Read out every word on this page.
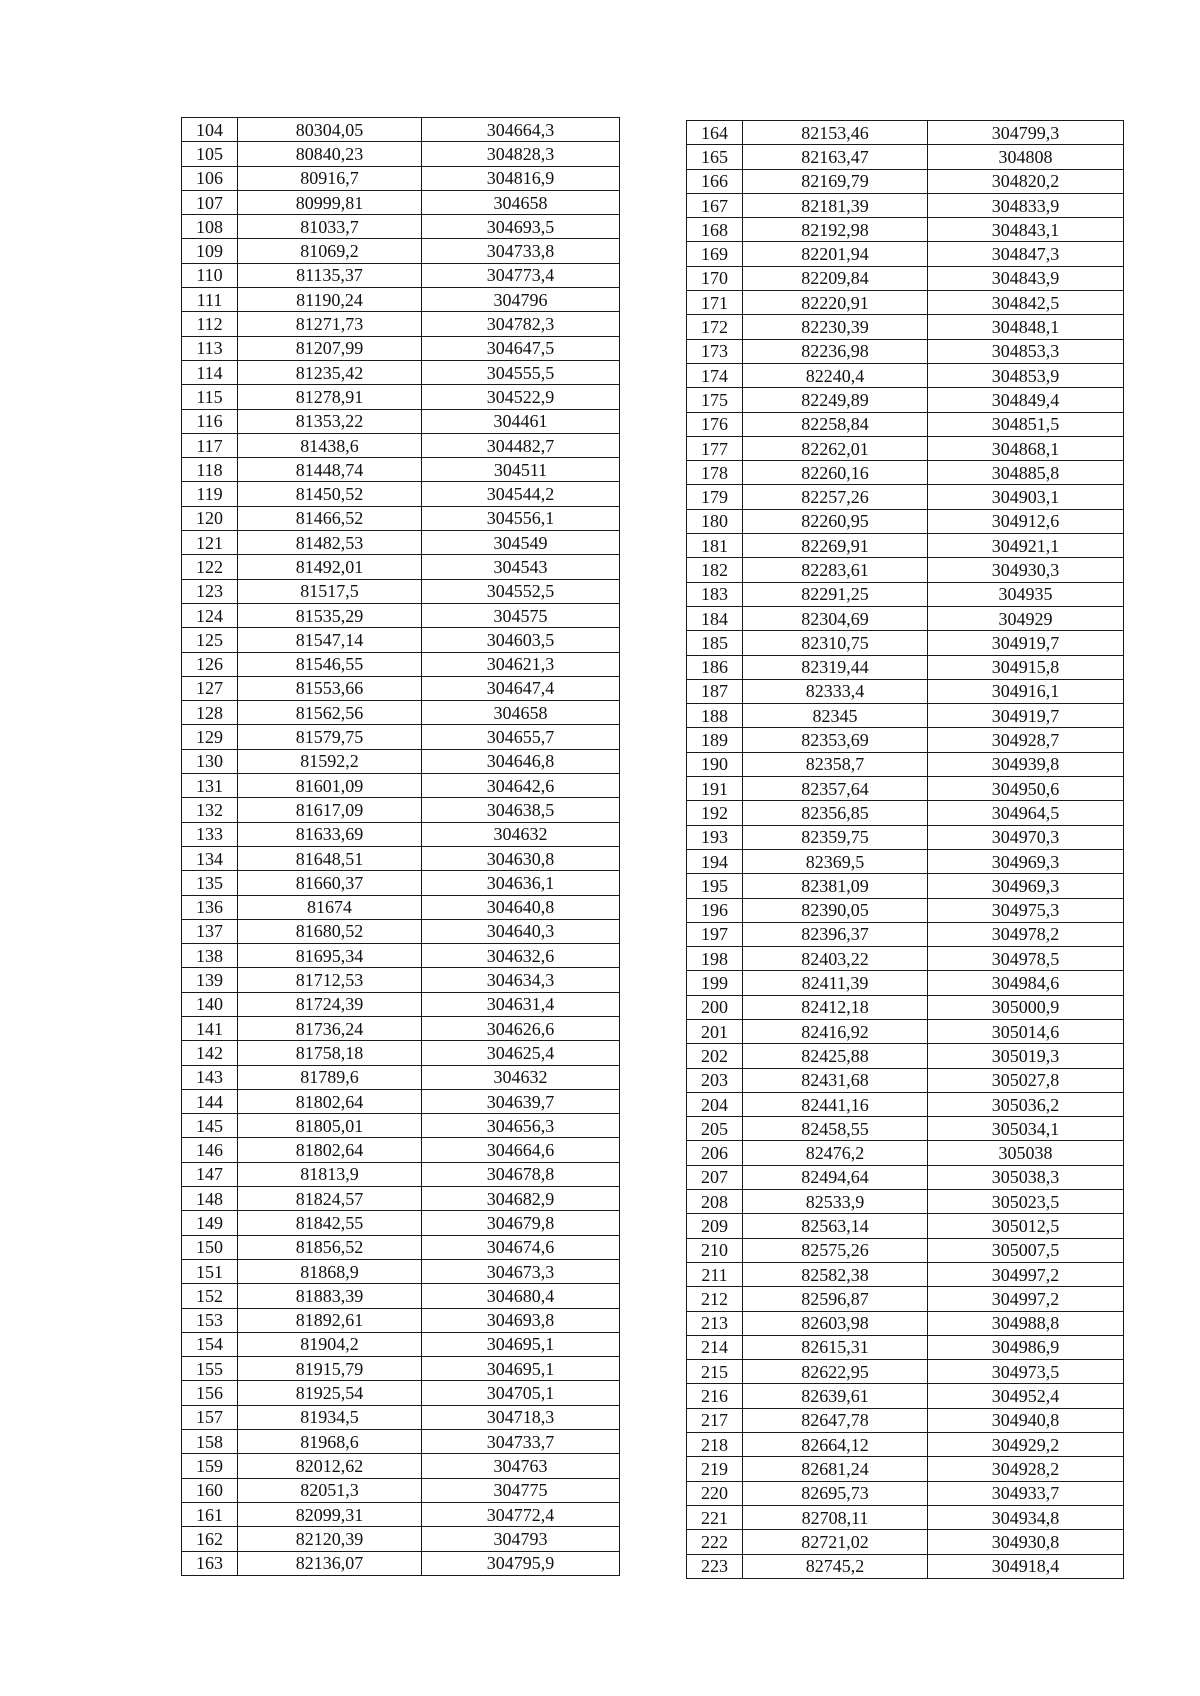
104	80304,05	304664,3
105	80840,23	304828,3
106	80916,7	304816,9
107	80999,81	304658
108	81033,7	304693,5
109	81069,2	304733,8
110	81135,37	304773,4
111	81190,24	304796
112	81271,73	304782,3
113	81207,99	304647,5
114	81235,42	304555,5
115	81278,91	304522,9
116	81353,22	304461
117	81438,6	304482,7
118	81448,74	304511
119	81450,52	304544,2
120	81466,52	304556,1
121	81482,53	304549
122	81492,01	304543
123	81517,5	304552,5
124	81535,29	304575
125	81547,14	304603,5
126	81546,55	304621,3
127	81553,66	304647,4
128	81562,56	304658
129	81579,75	304655,7
130	81592,2	304646,8
131	81601,09	304642,6
132	81617,09	304638,5
133	81633,69	304632
134	81648,51	304630,8
135	81660,37	304636,1
136	81674	304640,8
137	81680,52	304640,3
138	81695,34	304632,6
139	81712,53	304634,3
140	81724,39	304631,4
141	81736,24	304626,6
142	81758,18	304625,4
143	81789,6	304632
144	81802,64	304639,7
145	81805,01	304656,3
146	81802,64	304664,6
147	81813,9	304678,8
148	81824,57	304682,9
149	81842,55	304679,8
150	81856,52	304674,6
151	81868,9	304673,3
152	81883,39	304680,4
153	81892,61	304693,8
154	81904,2	304695,1
155	81915,79	304695,1
156	81925,54	304705,1
157	81934,5	304718,3
158	81968,6	304733,7
159	82012,62	304763
160	82051,3	304775
161	82099,31	304772,4
162	82120,39	304793
163	82136,07	304795,9
164	82153,46	304799,3
165	82163,47	304808
166	82169,79	304820,2
167	82181,39	304833,9
168	82192,98	304843,1
169	82201,94	304847,3
170	82209,84	304843,9
171	82220,91	304842,5
172	82230,39	304848,1
173	82236,98	304853,3
174	82240,4	304853,9
175	82249,89	304849,4
176	82258,84	304851,5
177	82262,01	304868,1
178	82260,16	304885,8
179	82257,26	304903,1
180	82260,95	304912,6
181	82269,91	304921,1
182	82283,61	304930,3
183	82291,25	304935
184	82304,69	304929
185	82310,75	304919,7
186	82319,44	304915,8
187	82333,4	304916,1
188	82345	304919,7
189	82353,69	304928,7
190	82358,7	304939,8
191	82357,64	304950,6
192	82356,85	304964,5
193	82359,75	304970,3
194	82369,5	304969,3
195	82381,09	304969,3
196	82390,05	304975,3
197	82396,37	304978,2
198	82403,22	304978,5
199	82411,39	304984,6
200	82412,18	305000,9
201	82416,92	305014,6
202	82425,88	305019,3
203	82431,68	305027,8
204	82441,16	305036,2
205	82458,55	305034,1
206	82476,2	305038
207	82494,64	305038,3
208	82533,9	305023,5
209	82563,14	305012,5
210	82575,26	305007,5
211	82582,38	304997,2
212	82596,87	304997,2
213	82603,98	304988,8
214	82615,31	304986,9
215	82622,95	304973,5
216	82639,61	304952,4
217	82647,78	304940,8
218	82664,12	304929,2
219	82681,24	304928,2
220	82695,73	304933,7
221	82708,11	304934,8
222	82721,02	304930,8
223	82745,2	304918,4
